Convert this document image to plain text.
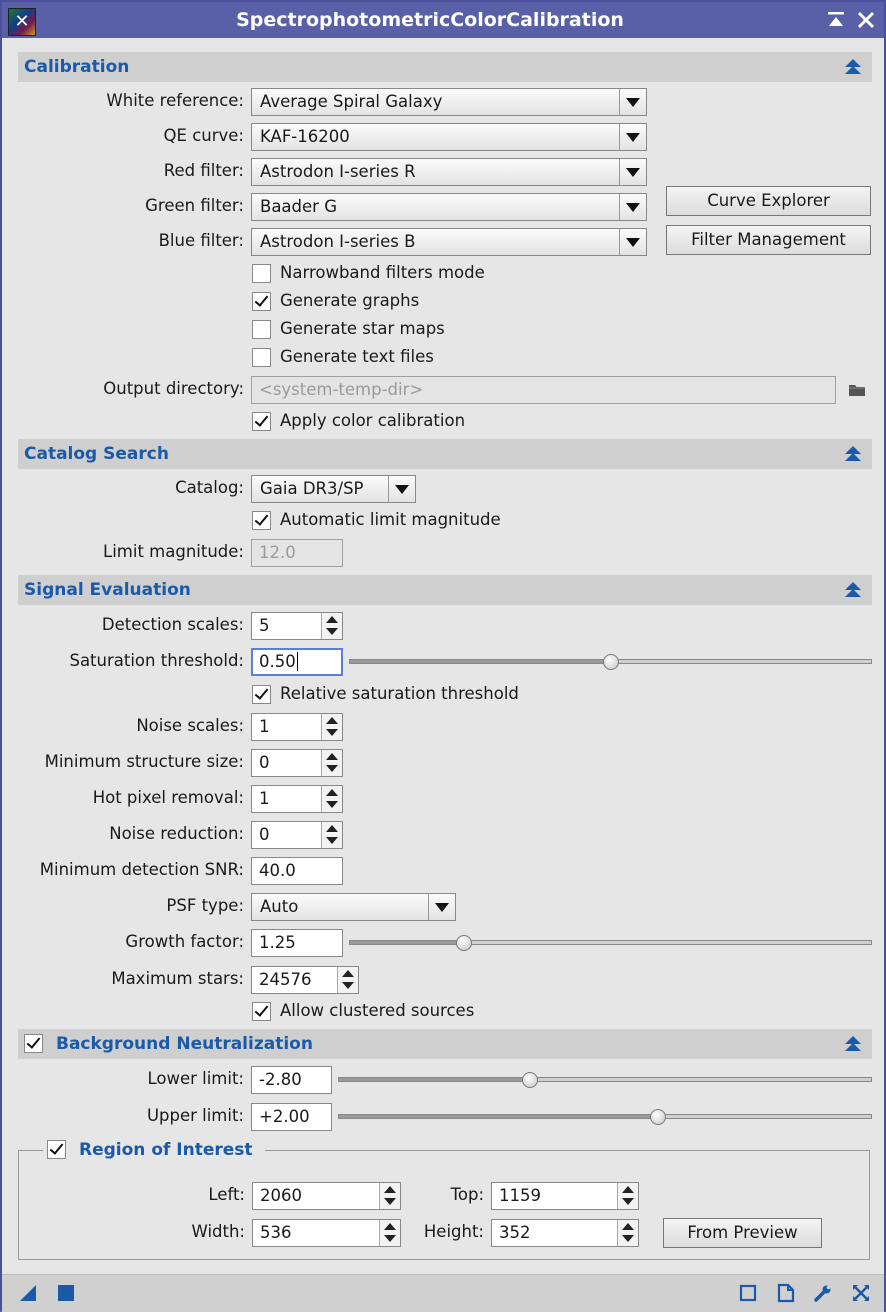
✕	SpectrophotometricColorCalibration
Calibration
White reference: Average Spiral Galaxy
QE curve: KAF-16200
Red filter: Astrodon I-series R
Green filter: Baader G
Blue filter: Astrodon I-series B
Curve Explorer
Filter Management
Narrowband filters mode
Generate graphs
Generate star maps
Generate text files
Output directory: <system-temp-dir>
Apply color calibration
Catalog Search
Catalog: Gaia DR3/SP
Automatic limit magnitude
Limit magnitude: 12.0
Signal Evaluation
Detection scales: 5
Saturation threshold: 0.50
Relative saturation threshold
Noise scales: 1
Minimum structure size: 0
Hot pixel removal: 1
Noise reduction: 0
Minimum detection SNR: 40.0
PSF type: Auto
Growth factor: 1.25
Maximum stars: 24576
Allow clustered sources
Background Neutralization
Lower limit: -2.80
Upper limit: +2.00
Region of Interest
Left: 2060	Top: 1159
Width: 536	Height: 352	From Preview
